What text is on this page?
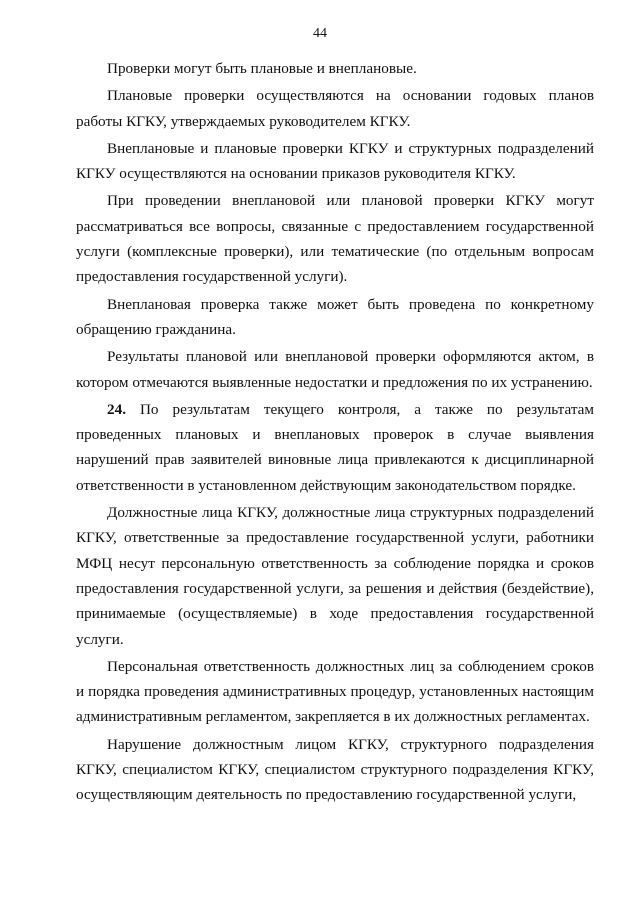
44

Проверки могут быть плановые и внеплановые.

Плановые проверки осуществляются на основании годовых планов работы КГКУ, утверждаемых руководителем КГКУ.

Внеплановые и плановые проверки КГКУ и структурных подразделений КГКУ осуществляются на основании приказов руководителя КГКУ.

При проведении внеплановой или плановой проверки КГКУ могут рассматриваться все вопросы, связанные с предоставлением государственной услуги (комплексные проверки), или тематические (по отдельным вопросам предоставления государственной услуги).

Внеплановая проверка также может быть проведена по конкретному обращению гражданина.

Результаты плановой или внеплановой проверки оформляются актом, в котором отмечаются выявленные недостатки и предложения по их устранению.

24. По результатам текущего контроля, а также по результатам проведенных плановых и внеплановых проверок в случае выявления нарушений прав заявителей виновные лица привлекаются к дисциплинарной ответственности в установленном действующим законодательством порядке.

Должностные лица КГКУ, должностные лица структурных подразделений КГКУ, ответственные за предоставление государственной услуги, работники МФЦ несут персональную ответственность за соблюдение порядка и сроков предоставления государственной услуги, за решения и действия (бездействие), принимаемые (осуществляемые) в ходе предоставления государственной услуги.

Персональная ответственность должностных лиц за соблюдением сроков и порядка проведения административных процедур, установленных настоящим административным регламентом, закрепляется в их должностных регламентах.

Нарушение должностным лицом КГКУ, структурного подразделения КГКУ, специалистом КГКУ, специалистом структурного подразделения КГКУ, осуществляющим деятельность по предоставлению государственной услуги,
